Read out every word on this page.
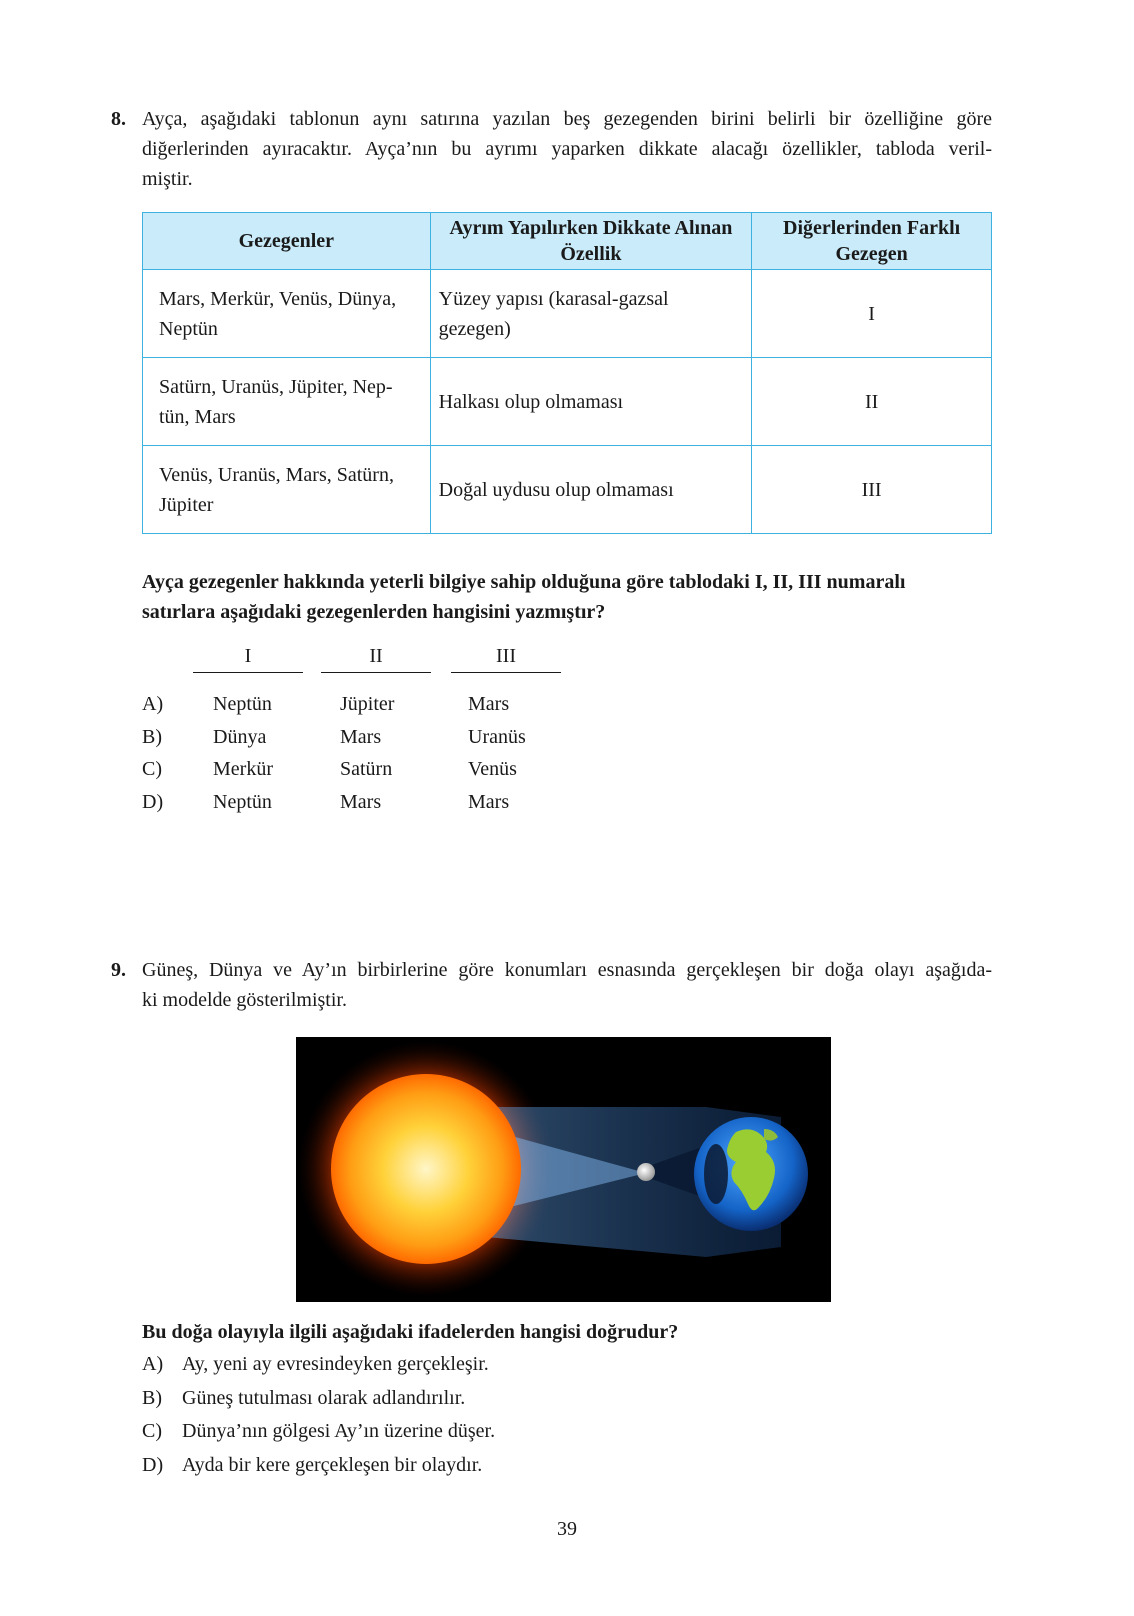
8. Ayça, aşağıdaki tablonun aynı satırına yazılan beş gezegenden birini belirli bir özelliğine göre
diğerlerinden ayıracaktır. Ayça’nın bu ayrımı yaparken dikkate alacağı özellikler, tabloda veril-
miştir.
Gezegenler	Ayrım Yapılırken Dikkate Alınan Özellik	Diğerlerinden Farklı Gezegen
Mars, Merkür, Venüs, Dünya, Neptün	Yüzey yapısı (karasal-gazsal gezegen)	I
Satürn, Uranüs, Jüpiter, Nep-tün, Mars	Halkası olup olmaması	II
Venüs, Uranüs, Mars, Satürn, Jüpiter	Doğal uydusu olup olmaması	III
Ayça gezegenler hakkında yeterli bilgiye sahip olduğuna göre tablodaki I, II, III numaralı
satırlara aşağıdaki gezegenlerden hangisini yazmıştır?
I	II	III
A) Neptün	Jüpiter	Mars
B)	Dünya	Mars	Uranüs
C)	Merkür	Satürn	Venüs
D) Neptün	Mars	Mars
9. Güneş, Dünya ve Ay’ın birbirlerine göre konumları esnasında gerçekleşen bir doğa olayı aşağıda-
ki modelde gösterilmiştir.
Bu doğa olayıyla ilgili aşağıdaki ifadelerden hangisi doğrudur?
A) Ay, yeni ay evresindeyken gerçekleşir.
B) Güneş tutulması olarak adlandırılır.
C) Dünya’nın gölgesi Ay’ın üzerine düşer.
D) Ayda bir kere gerçekleşen bir olaydır.
39
